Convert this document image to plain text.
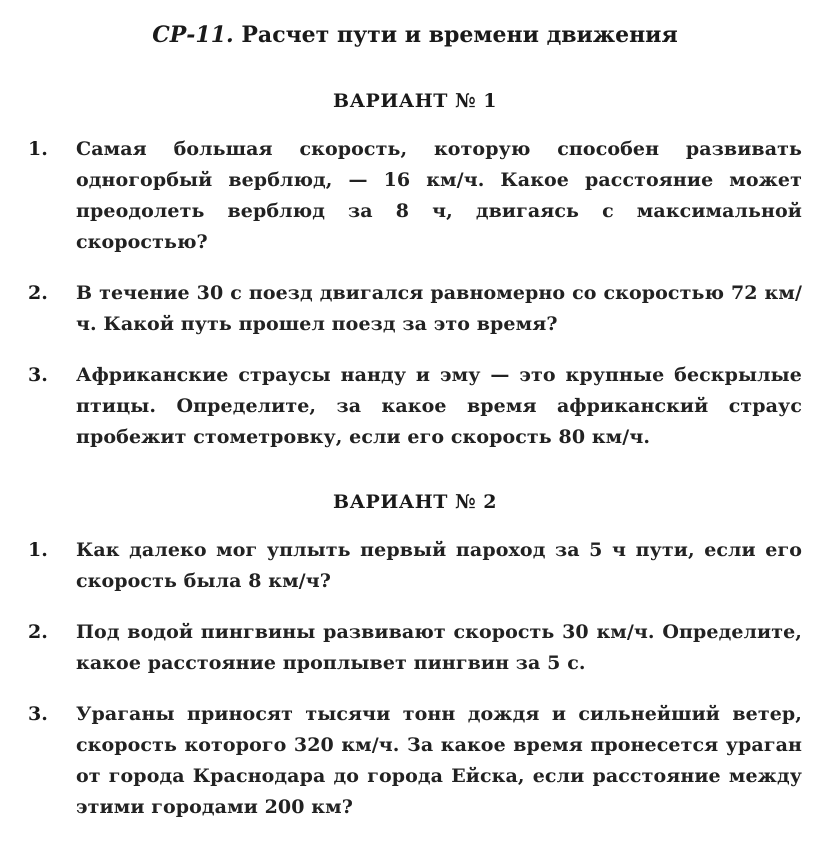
СР-11. Расчет пути и времени движения
ВАРИАНТ № 1
1.	Самая большая скорость, которую способен развивать одногорбый верблюд, — 16 км/ч. Какое расстояние может преодолеть верблюд за 8 ч, двигаясь с максимальной скоростью?
2.	В течение 30 с поезд двигался равномерно со скоростью 72 км/ч. Какой путь прошел поезд за это время?
3.	Африканские страусы нанду и эму — это крупные бескрылые птицы. Определите, за какое время африканский страус пробежит стометровку, если его скорость 80 км/ч.
ВАРИАНТ № 2
1.	Как далеко мог уплыть первый пароход за 5 ч пути, если его скорость была 8 км/ч?
2.	Под водой пингвины развивают скорость 30 км/ч. Определите, какое расстояние проплывет пингвин за 5 с.
3.	Ураганы приносят тысячи тонн дождя и сильнейший ветер, скорость которого 320 км/ч. За какое время пронесется ураган от города Краснодара до города Ейска, если расстояние между этими городами 200 км?
